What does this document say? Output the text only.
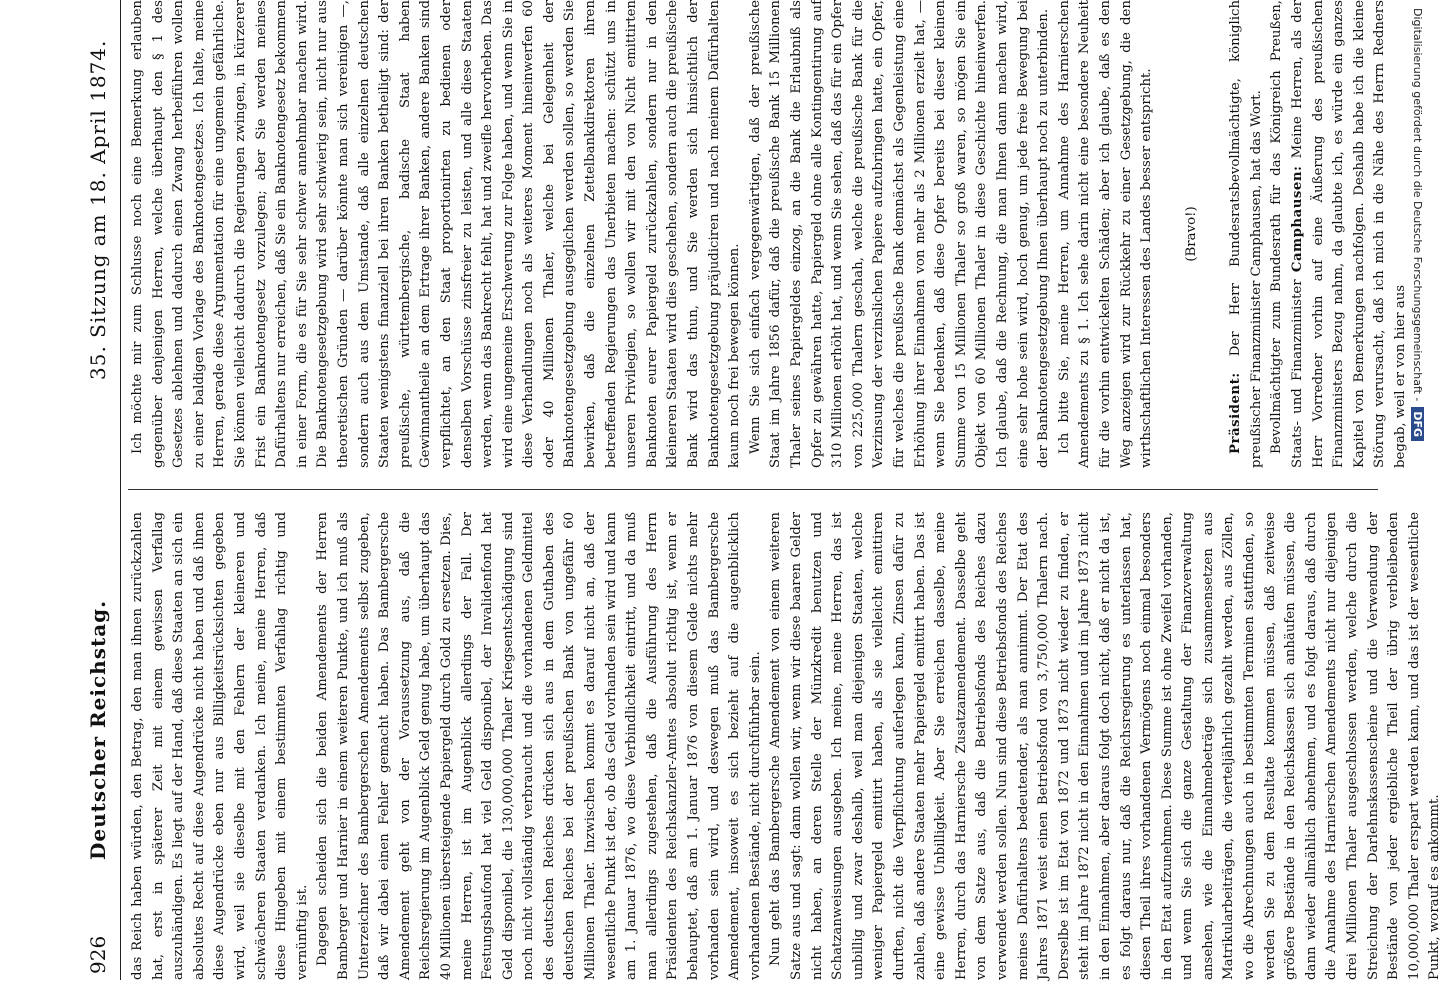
926
Deutscher Reichstag.
35. Sitzung am 18. April 1874.

das Reich haben würden, den Betrag, den man ihnen zurückzahlen hat, erst in späterer Zeit mit einem gewissen Verfallag auszuhändigen. Es liegt auf der Hand, daß diese Staaten an sich ein absolutes Recht auf diese Augendrücke nicht haben und daß ihnen diese Augendrücke eben nur aus Billigkeitsrücksichten gegeben wird, weil sie dieselbe mit den Fehlern der kleineren und schwächeren Staaten verdanken. Ich meine, meine Herren, daß diese Hingeben mit einem bestimmten Verfahlag richtig und vernünftig ist. Dagegen scheiden sich die beiden Amendements der Herren Bamberger und Harnier in einem weiteren Punkte, und ich muß als Unterzeichner des Bambergerschen Amendements selbst zugeben, daß wir dabei einen Fehler gemacht haben. Das Bambergersche Amendement geht von der Voraussetzung aus, daß die Reichsregierung im Augenblick Geld genug habe, um überhaupt das 40 Millionen übersteigende Papiergeld durch Gold zu ersetzen. Dies, meine Herren, ist im Augenblick allerdings der Fall. Der Festungsbaufond hat viel Geld disponibel, der Invalidenfond hat Geld disponibel, die 130,000,000 Thaler Kriegsentschädigung sind noch nicht vollständig verbraucht und die vorhandenen Geldmittel des deutschen Reiches drücken sich aus in dem Guthaben des deutschen Reiches bei der preußischen Bank von ungefähr 60 Millionen Thaler. Inzwischen kommt es darauf nicht an, daß der wesentliche Punkt ist der, ob das Geld vorhanden sein wird und kann am 1. Januar 1876, wo diese Verbindlichkeit eintritt, und da muß man allerdings zugestehen, daß die Ausführung des Herrn Präsidenten des Reichskanzler-Amtes absolut richtig ist, wenn er behauptet, daß am 1. Januar 1876 von diesem Gelde nichts mehr vorhanden sein wird, und deswegen muß das Bambergersche Amendement, insoweit es sich bezieht auf die augenblicklich vorhandenen Bestände, nicht durchführbar sein. Nun geht das Bambergersche Amendement von einem weiteren Satze aus und sagt: dann wollen wir, wenn wir diese baaren Gelder nicht haben, an deren Stelle der Münzkredit benutzen und Schatzanweisungen ausgeben. Ich meine, meine Herren, das ist unbillig und zwar deshalb, weil man diejenigen Staaten, welche weniger Papiergeld emittirt haben, als sie vielleicht emittiren durften, nicht die Verpflichtung auferlegen kann, Zinsen dafür zu zahlen, daß andere Staaten mehr Papiergeld emittirt haben. Das ist eine gewisse Unbilligkeit. Aber Sie erreichen dasselbe, meine Herren, durch das Harniersche Zusatzamendement. Dasselbe geht von dem Satze aus, daß die Betriebsfonds des Reiches dazu verwendet werden sollen. Nun sind diese Betriebsfonds des Reiches meines Dafürhaltens bedeutender, als man annimmt. Der Etat des Jahres 1871 weist einen Betriebsfond von 3,750,000 Thalern nach. Derselbe ist im Etat von 1872 und 1873 nicht wieder zu finden, er steht im Jahre 1872 nicht in den Einnahmen und im Jahre 1873 nicht in den Einnahmen, aber daraus folgt doch nicht, daß er nicht da ist, es folgt daraus nur, daß die Reichsregierung es unterlassen hat, diesen Theil ihres vorhandenen Vermögens noch einmal besonders in den Etat aufzunehmen. Diese Summe ist ohne Zweifel vorhanden, und wenn Sie sich die ganze Gestaltung der Finanzverwaltung ansehen, wie die Einnahmebeträge sich zusammensetzen aus Matrikularbeiträgen, die vierteljährlich gezahlt werden, aus Zöllen, wo die Abrechnungen auch in bestimmten Terminen stattfinden, so werden Sie zu dem Resultate kommen müssen, daß zeitweise größere Bestände in den Reichskassen sich anhäufen müssen, die dann wieder allmählich abnehmen, und es folgt daraus, daß durch die Annahme des Harnierschen Amendements nicht nur diejenigen drei Millionen Thaler ausgeschlossen werden, welche durch die Streichung der Darlehnskassenscheine und die Verwendung der Bestände von jeder ergiebliche Theil der übrig verbleibenden 10,000,000 Thaler erspart werden kann, und das ist der wesentliche Punkt, worauf es ankommt.

Ich möchte mir zum Schlusse noch eine Bemerkung erlauben gegenüber denjenigen Herren, welche überhaupt den § 1 des Gesetzes ablehnen und dadurch einen Zwang herbeiführen wollen zu einer baldigen Vorlage des Banknotengesetzes. Ich halte, meine Herren, gerade diese Argumentation für eine ungemein gefährliche. Sie können vielleicht dadurch die Regierungen zwingen, in kürzerer Frist ein Banknotengesetz vorzulegen; aber Sie werden meines Dafürhaltens nur erreichen, daß Sie ein Banknotengesetz bekommen in einer Form, die es für Sie sehr schwer annehmbar machen wird. Die Banknotengesetzgebung wird sehr schwierig sein, nicht nur aus theoretischen Gründen — darüber könnte man sich vereinigen —, sondern auch aus dem Umstande, daß alle einzelnen deutschen Staaten wenigstens finanziell bei ihren Banken betheiligt sind: der preußische, württembergische, badische Staat haben Gewinnantheile an dem Ertrage ihrer Banken, andere Banken sind verpflichtet, an den Staat proportionirten zu bedienen oder denselben Vorschüsse zinsfreier zu leisten, und alle diese Staaten werden, wenn das Bankrecht fehlt, hat und zweifle hervorheben. Das wird eine ungemeine Erschwerung zur Folge haben, und wenn Sie in diese Verhandlungen noch als weiteres Moment hineinwerfen 60 oder 40 Millionen Thaler, welche bei Gelegenheit der Banknotengesetzgebung ausgeglichen werden sollen, so werden Sie bewirken, daß die einzelnen Zettelbankdirektoren ihren betreffenden Regierungen das Unerbieten machen: schützt uns in unseren Privilegien, so wollen wir mit den von Nicht emittirten Banknoten eurer Papiergeld zurückzahlen, sondern nur in den kleineren Staaten wird dies geschehen, sondern auch die preußische Bank wird das thun, und Sie werden sich hinsichtlich der Banknotengesetzgebung präjudiciren und nach meinem Dafürhalten kaum noch frei bewegen können. Wenn Sie sich einfach vergegenwärtigen, daß der preußische Staat im Jahre 1856 dafür, daß die preußische Bank 15 Millionen Thaler seines Papiergeldes einzog, an die Bank die Erlaubniß als Opfer zu gewähren hatte, Papiergeld ohne alle Kontingentirung auf 310 Millionen erhöht hat, und wenn Sie sehen, daß das für ein Opfer von 225,000 Thalern geschah, welche die preußische Bank für die Verzinsung der verzinslichen Papiere aufzubringen hatte, ein Opfer, für welches die preußische Bank demnächst als Gegenleistung eine Erhöhung ihrer Einnahmen von mehr als 2 Millionen erzielt hat, — wenn Sie bedenken, daß diese Opfer bereits bei dieser kleinen Summe von 15 Millionen Thaler so groß waren, so mögen Sie ein Objekt von 60 Millionen Thaler in diese Geschichte hineinwerfen. Ich glaube, daß die Rechnung, die man Ihnen dann machen wird, eine sehr hohe sein wird, hoch genug, um jede freie Bewegung bei der Banknotengesetzgebung Ihnen überhaupt noch zu unterbinden. Ich bitte Sie, meine Herren, um Annahme des Harnierschen Amendements zu § 1. Ich sehe darin nicht eine besondere Neuheit für die vorhin entwickelten Schäden; aber ich glaube, daß es den Weg anzeigen wird zur Rückkehr zu einer Gesetzgebung, die den wirthschaftlichen Interessen des Landes besser entspricht. (Bravo!)

Präsident: Der Herr Bundesratsbevollmächtigte, königlich preußischer Finanzminister Camphausen, hat das Wort. Bevollmächtigter zum Bundesrath für das Königreich Preußen, Staats- und Finanzminister Camphausen: Meine Herren, als der Herr Vorredner vorhin auf eine Äußerung des preußischen Finanzministers Bezug nahm, da glaubte ich, es würde ein ganzes Kapitel von Bemerkungen nachfolgen. Deshalb habe ich die kleine Störung verursacht, daß ich mich in die Nähe des Herrn Redners begab, weil er von hier aus Digitalisierung gefördert durch die Deutsche Forschungsgemeinschaft -DFG
